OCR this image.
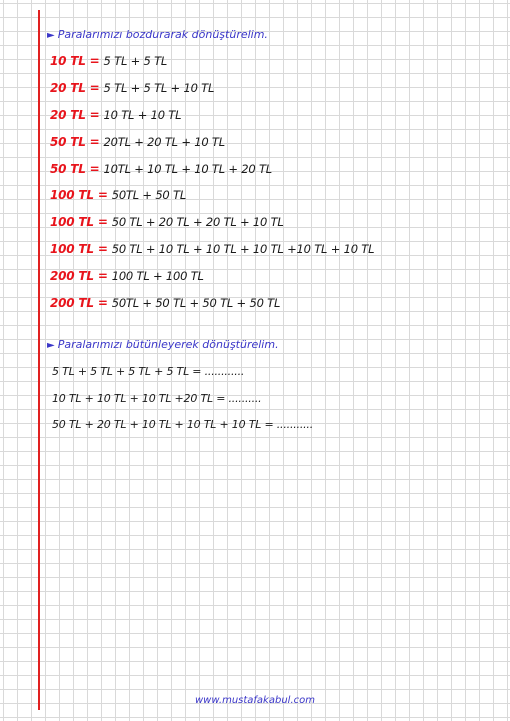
► Paralarımızı bozdurarak dönüştürelim.
10 TL = 5 TL + 5 TL
20 TL = 5 TL + 5 TL + 10 TL
20 TL = 10 TL + 10 TL
50 TL = 20TL + 20 TL + 10 TL
50 TL = 10TL + 10 TL + 10 TL + 20 TL
100 TL = 50TL + 50 TL
100 TL = 50 TL + 20 TL + 20 TL + 10 TL
100 TL = 50 TL + 10 TL + 10 TL + 10 TL +10 TL + 10 TL
200 TL = 100 TL + 100 TL
200 TL = 50TL + 50 TL + 50 TL + 50 TL
► Paralarımızı bütünleyerek dönüştürelim.
5 TL + 5 TL + 5 TL + 5 TL = ............
10 TL + 10 TL + 10 TL +20 TL = ..........
50 TL + 20 TL + 10 TL + 10 TL + 10 TL = ...........
www.mustafakabul.com
